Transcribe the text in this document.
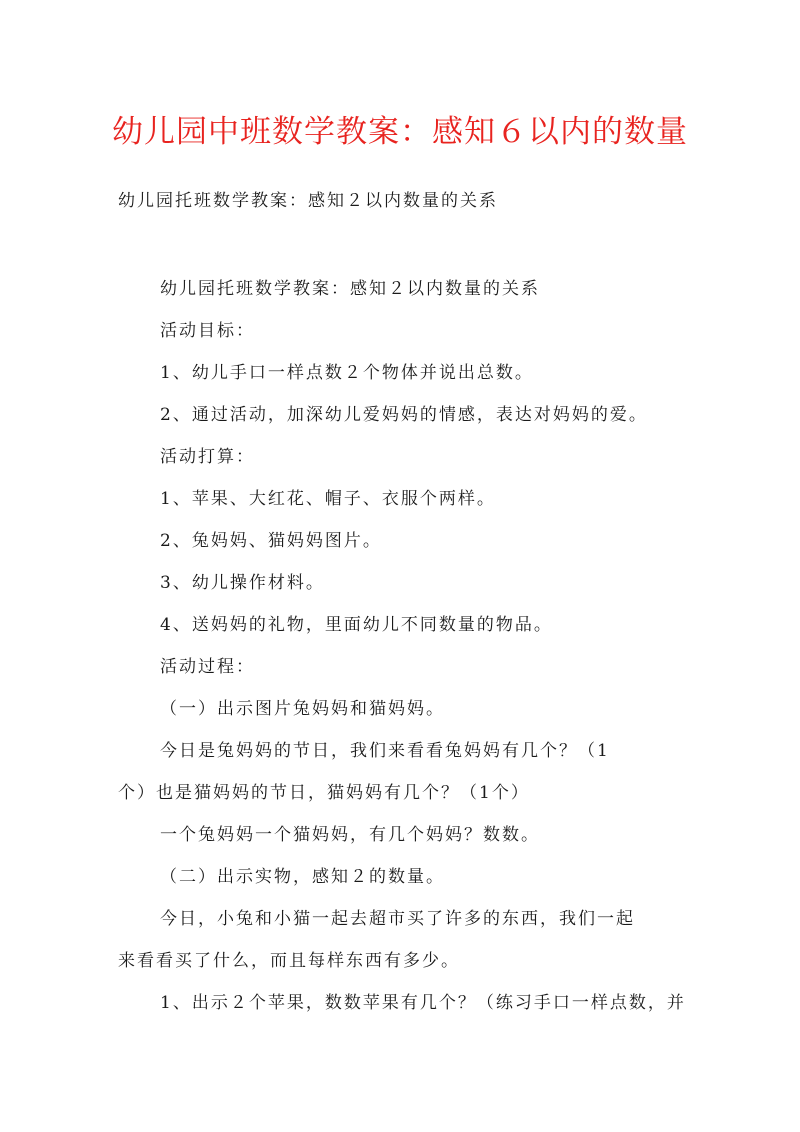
幼儿园中班数学教案：感知６以内的数量
幼儿园托班数学教案：感知２以内数量的关系

幼儿园托班数学教案：感知２以内数量的关系

活动目标：

1、幼儿手口一样点数２个物体并说出总数。

2、通过活动，加深幼儿爱妈妈的情感，表达对妈妈的爱。

活动打算：

1、苹果、大红花、帽子、衣服个两样。

2、兔妈妈、猫妈妈图片。

3、幼儿操作材料。

4、送妈妈的礼物，里面幼儿不同数量的物品。

活动过程：

（一）出示图片兔妈妈和猫妈妈。

今日是兔妈妈的节日，我们来看看兔妈妈有几个？（1个）也是猫妈妈的节日，猫妈妈有几个？（1个）

一个兔妈妈一个猫妈妈，有几个妈妈？数数。

（二）出示实物，感知２的数量。

今日，小兔和小猫一起去超市买了许多的东西，我们一起来看看买了什么，而且每样东西有多少。

1、出示２个苹果，数数苹果有几个？（练习手口一样点数，并
